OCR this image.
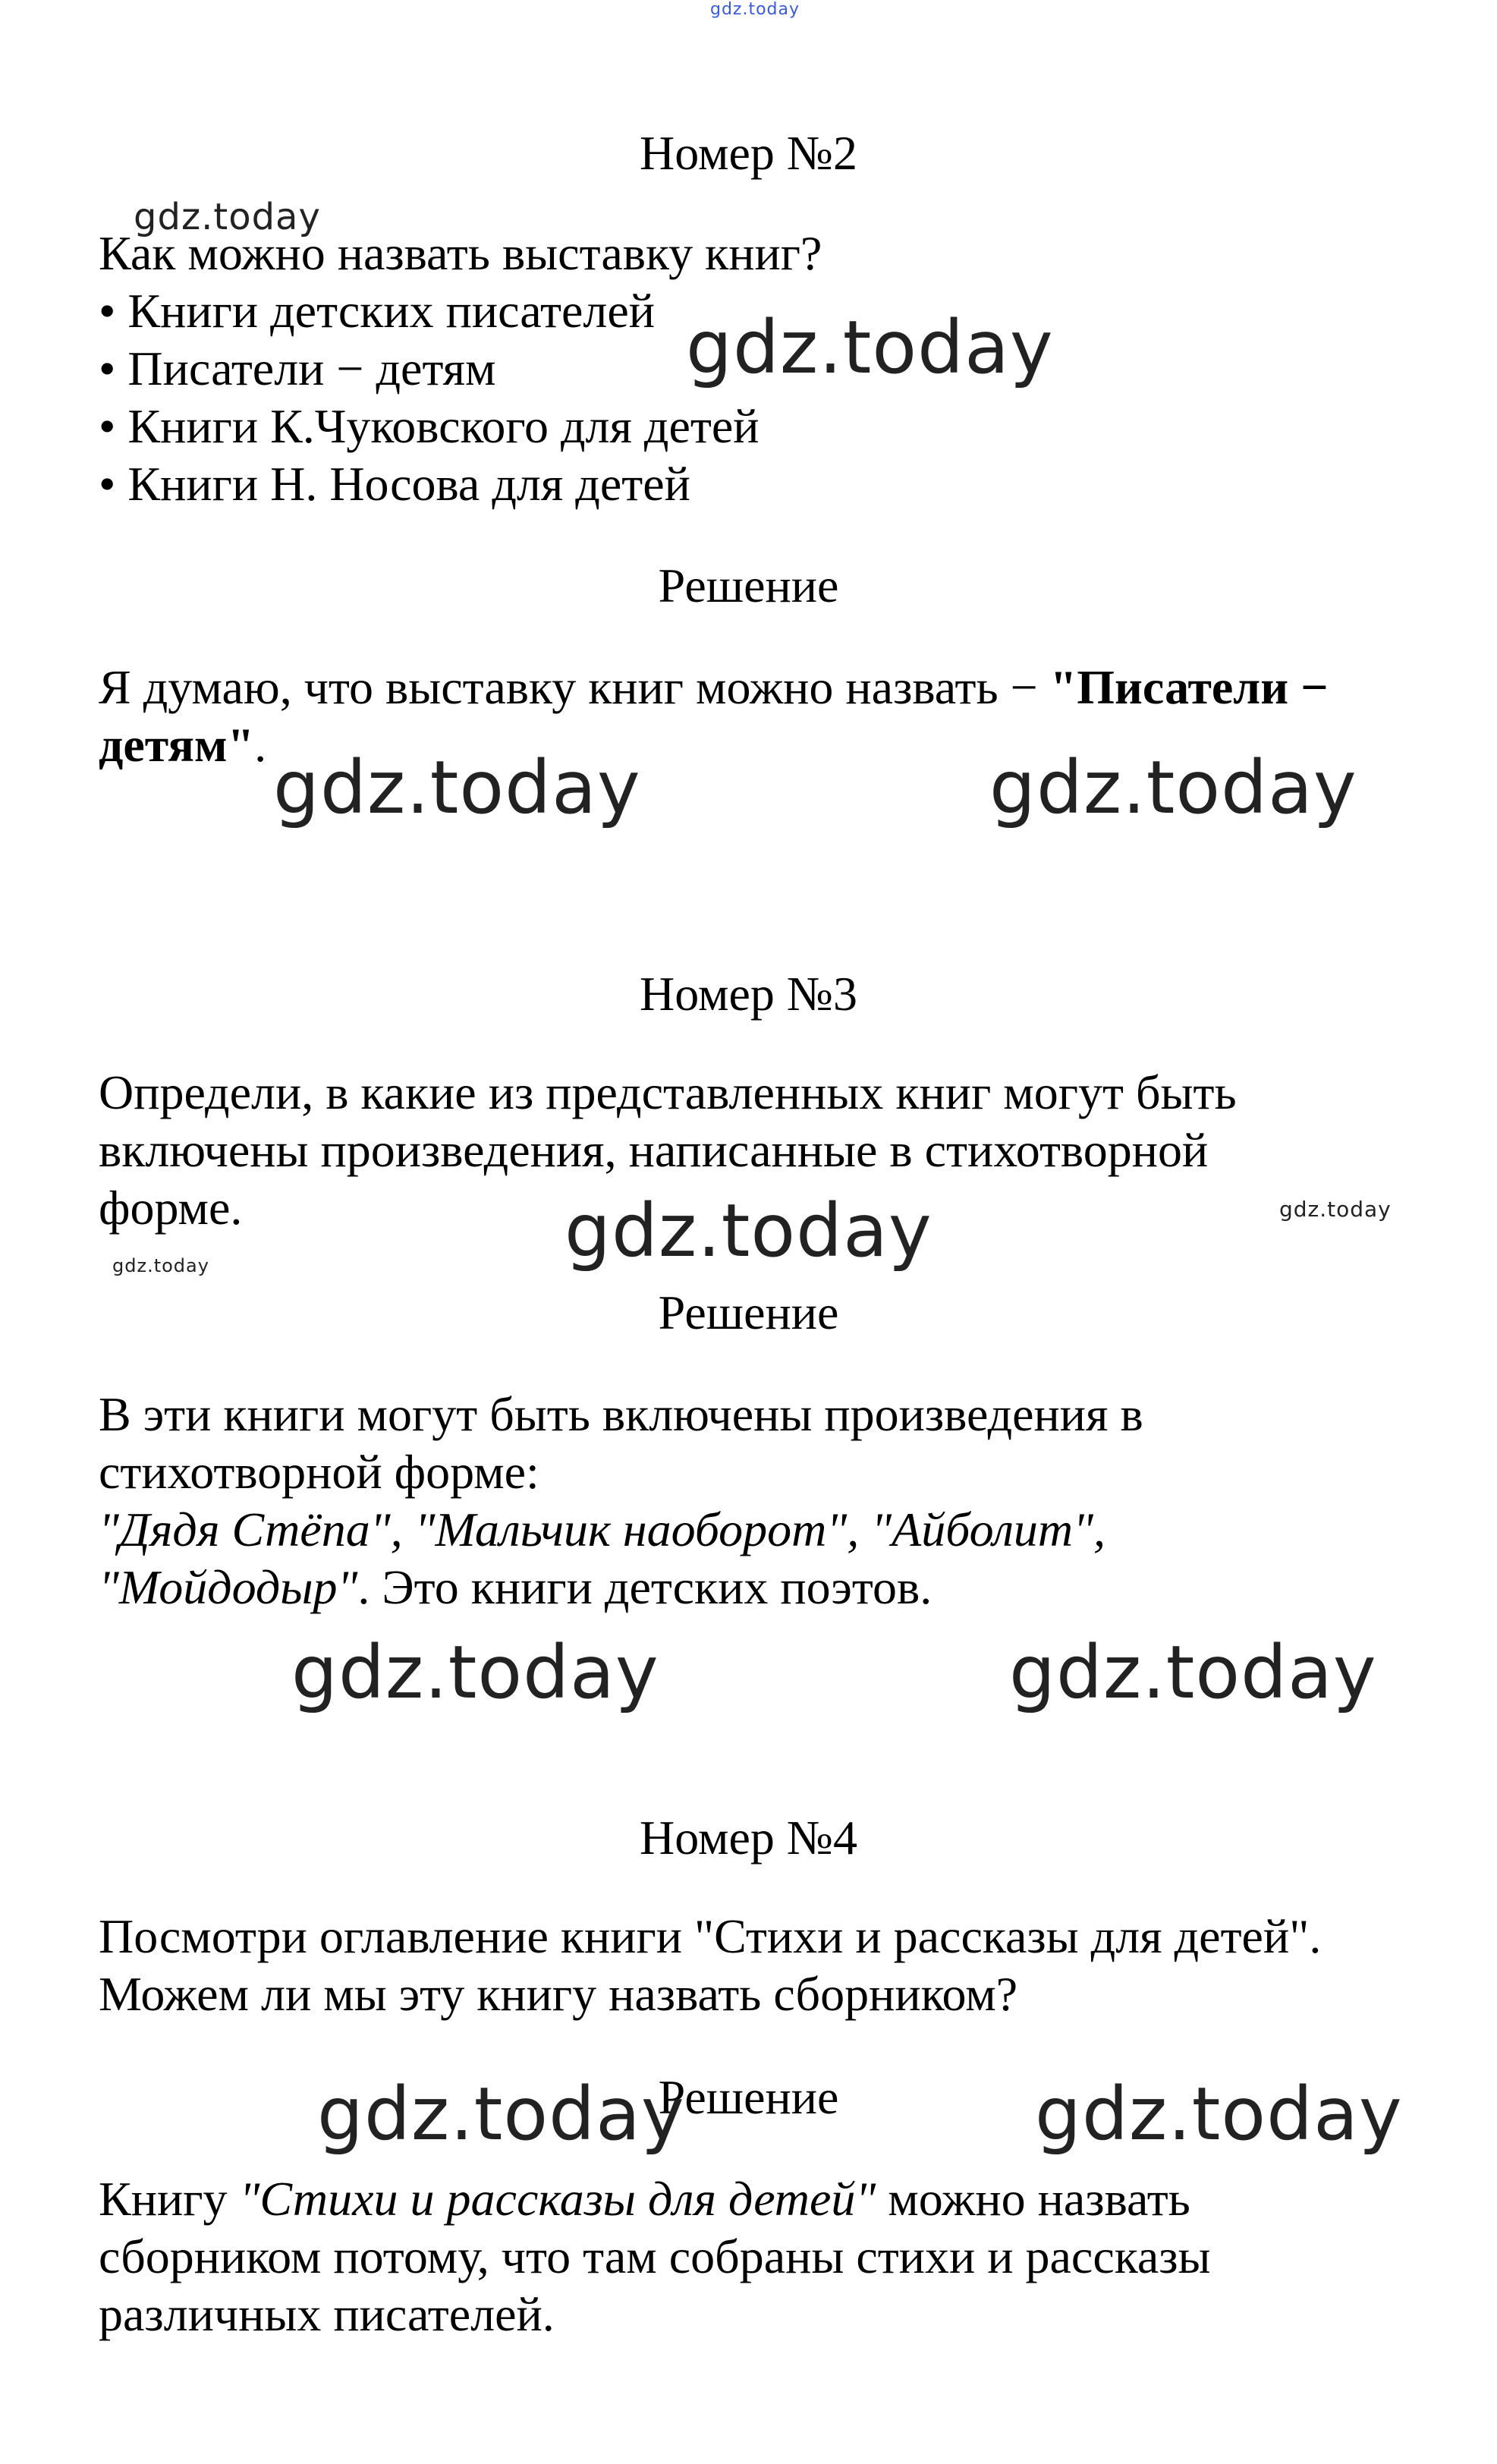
gdz.today
Номер №2
Как можно назвать выставку книг?
• Книги детских писателей
• Писатели − детям
• Книги К.Чуковского для детей
• Книги Н. Носова для детей
Решение
Я думаю, что выставку книг можно назвать − "Писатели −
детям".
Номер №3
Определи, в какие из представленных книг могут быть
включены произведения, написанные в стихотворной
форме.
Решение
В эти книги могут быть включены произведения в
стихотворной форме:
"Дядя Стёпа", "Мальчик наоборот", "Айболит",
"Мойдодыр". Это книги детских поэтов.
Номер №4
Посмотри оглавление книги "Стихи и рассказы для детей".
Можем ли мы эту книгу назвать сборником?
Решение
Книгу "Стихи и рассказы для детей" можно назвать
сборником потому, что там собраны стихи и рассказы
различных писателей.
gdz.today
gdz.today
gdz.today	gdz.today
gdz.today	gdz.today
gdz.today
gdz.today	gdz.today
gdz.today	gdz.today
